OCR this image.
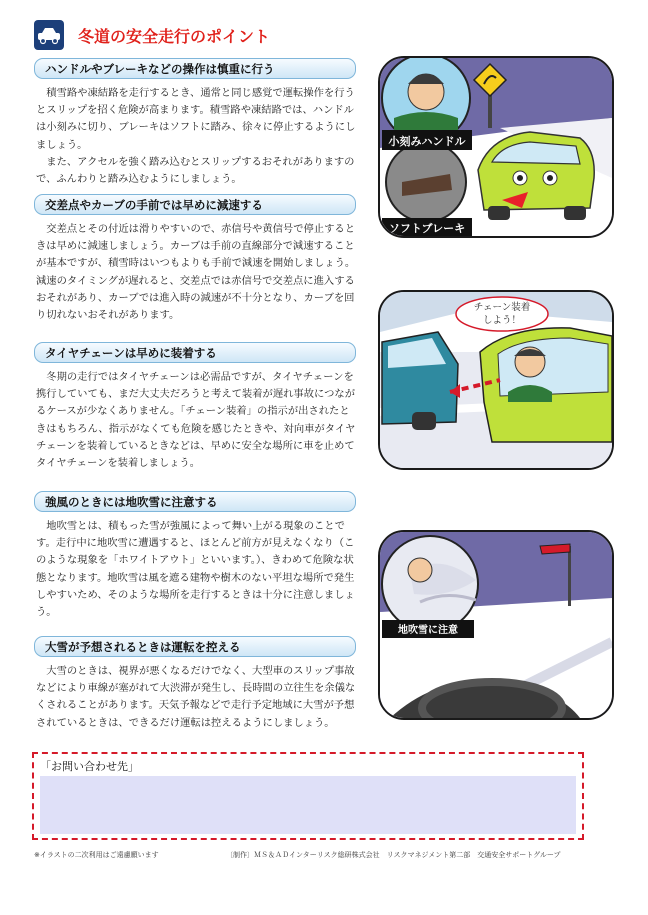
冬道の安全走行のポイント
ハンドルやブレーキなどの操作は慎重に行う

積雪路や凍結路を走行するとき、通常と同じ感覚で運転操作を行うとスリップを招く危険が高まります。積雪路や凍結路では、ハンドルは小刻みに切り、ブレーキはソフトに踏み、徐々に停止するようにしましょう。

また、アクセルを強く踏み込むとスリップするおそれがありますので、ふんわりと踏み込むようにしましょう。

交差点やカーブの手前では早めに減速する

交差点とその付近は滑りやすいので、赤信号や黄信号で停止するときは早めに減速しましょう。カーブは手前の直線部分で減速することが基本ですが、積雪時はいつもよりも手前で減速を開始しましょう。減速のタイミングが遅れると、交差点では赤信号で交差点に進入するおそれがあり、カーブでは進入時の減速が不十分となり、カーブを回り切れないおそれがあります。

タイヤチェーンは早めに装着する

冬期の走行ではタイヤチェーンは必需品ですが、タイヤチェーンを携行していても、まだ大丈夫だろうと考えて装着が遅れ事故につながるケースが少なくありません。「チェーン装着」の指示が出されたときはもちろん、指示がなくても危険を感じたときや、対向車がタイヤチェーンを装着しているときなどは、早めに安全な場所に車を止めてタイヤチェーンを装着しましょう。

強風のときには地吹雪に注意する

地吹雪とは、積もった雪が強風によって舞い上がる現象のことです。走行中に地吹雪に遭遇すると、ほとんど前方が見えなくなり（このような現象を「ホワイトアウト」といいます。）、きわめて危険な状態となります。地吹雪は風を遮る建物や樹木のない平坦な場所で発生しやすいため、そのような場所を走行するときは十分に注意しましょう。

大雪が予想されるときは運転を控える

大雪のときは、視界が悪くなるだけでなく、大型車のスリップ事故などにより車線が塞がれて大渋滞が発生し、長時間の立往生を余儀なくされることがあります。天気予報などで走行予定地域に大雪が予想されているときは、できるだけ運転は控えるようにしましょう。

小刻みハンドル
ソフトブレーキ
チェーン装着
しよう！
地吹雪に注意
「お問い合わせ先」
※イラストの二次利用はご遠慮願います	〔制作〕ＭＳ＆ＡＤインターリスク総研株式会社　リスクマネジメント第二部　交通安全サポートグループ
